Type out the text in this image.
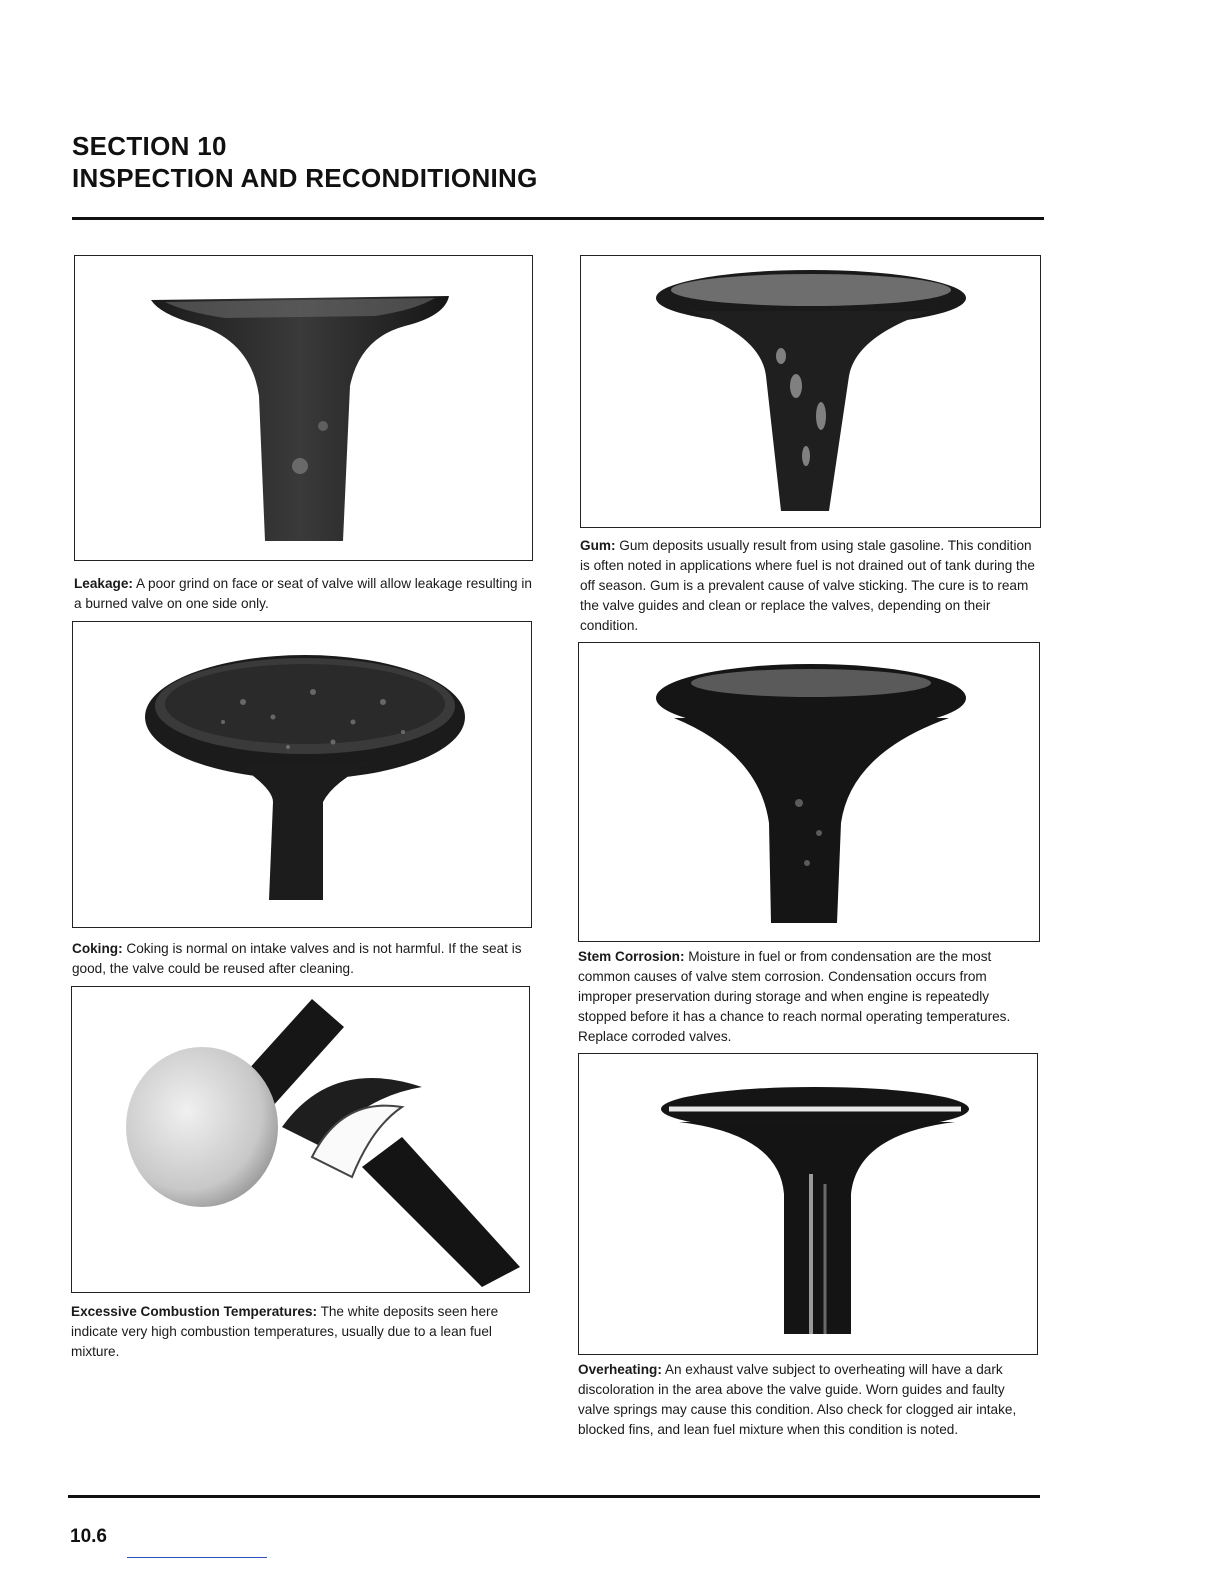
SECTION 10
INSPECTION AND RECONDITIONING
Leakage: A poor grind on face or seat of valve will allow leakage resulting in a burned valve on one side only.
Coking: Coking is normal on intake valves and is not harmful. If the seat is good, the valve could be reused after cleaning.
Excessive Combustion Temperatures: The white deposits seen here indicate very high combustion temperatures, usually due to a lean fuel mixture.
Gum: Gum deposits usually result from using stale gasoline. This condition is often noted in applications where fuel is not drained out of tank during the off season. Gum is a prevalent cause of valve sticking. The cure is to ream the valve guides and clean or replace the valves, depending on their condition.
Stem Corrosion: Moisture in fuel or from condensation are the most common causes of valve stem corrosion. Condensation occurs from improper preservation during storage and when engine is repeatedly stopped before it has a chance to reach normal operating temperatures. Replace corroded valves.
Overheating: An exhaust valve subject to overheating will have a dark discoloration in the area above the valve guide. Worn guides and faulty valve springs may cause this condition. Also check for clogged air intake, blocked fins, and lean fuel mixture when this condition is noted.
10.6
